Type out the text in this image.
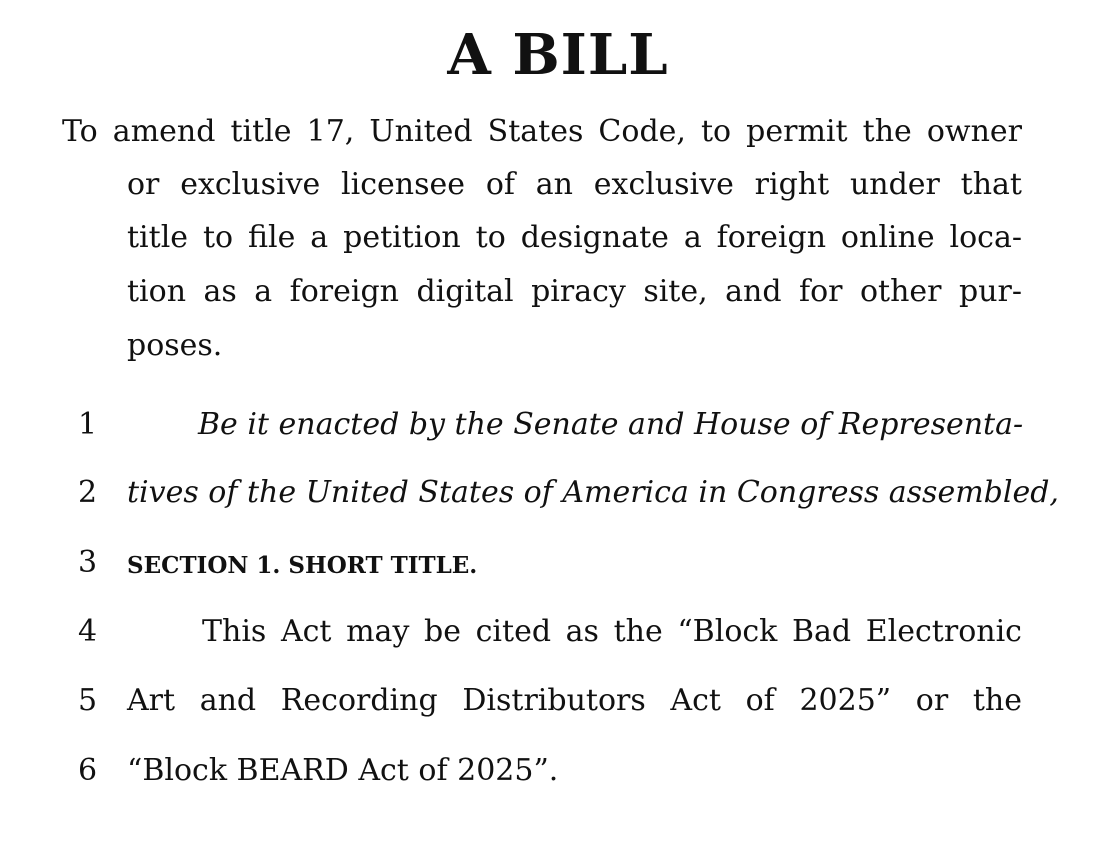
A BILL
To amend title 17, United States Code, to permit the owner
or exclusive licensee of an exclusive right under that
title to file a petition to designate a foreign online loca-
tion as a foreign digital piracy site, and for other pur-
poses.
1	Be it enacted by the Senate and House of Representa-
2 tives of the United States of America in Congress assembled,
3 SECTION 1. SHORT TITLE.
4	This Act may be cited as the “Block Bad Electronic
5 Art and Recording Distributors Act of 2025” or the
6 “Block BEARD Act of 2025”.
